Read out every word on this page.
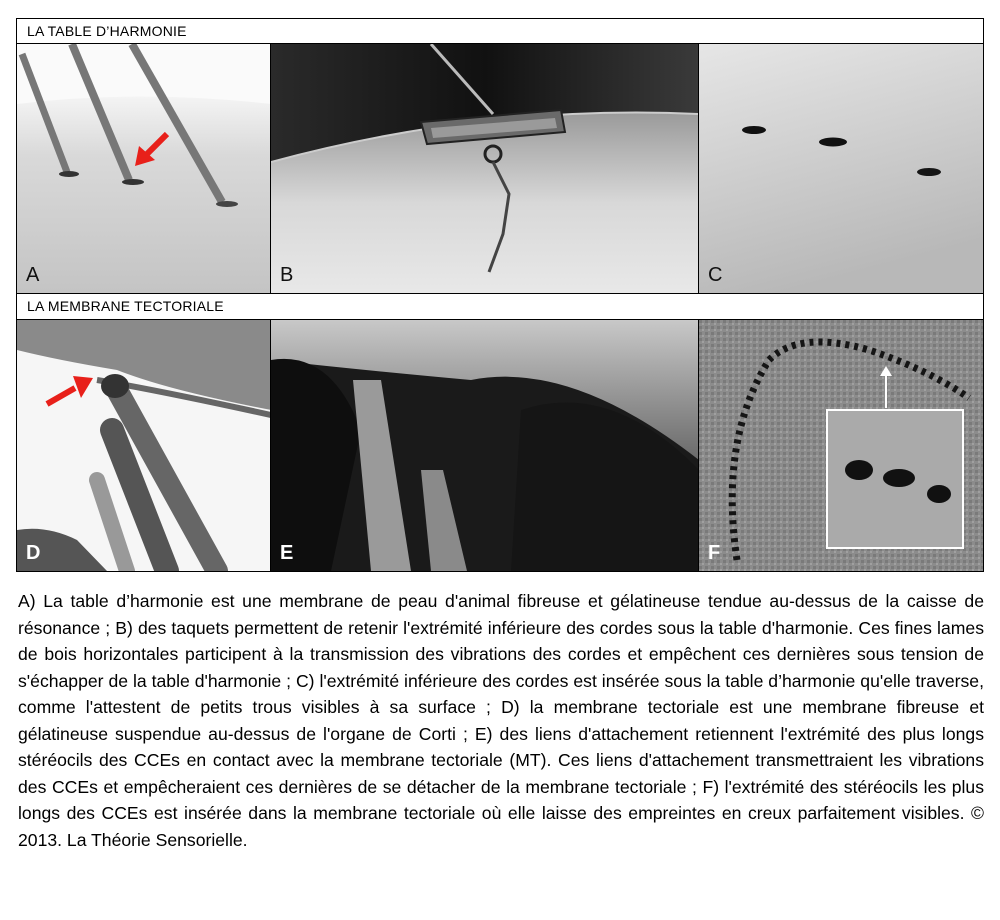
LA TABLE D’HARMONIE
A	B	C
LA MEMBRANE TECTORIALE
D	E	F

A) La table d’harmonie est une membrane de peau d'animal fibreuse et gélatineuse tendue au-dessus de la caisse de résonance ; B) des taquets permettent de retenir l'extrémité inférieure des cordes sous la table d'harmonie. Ces fines lames de bois horizontales participent à la transmission des vibrations des cordes et empêchent ces dernières sous tension de s'échapper de la table d'harmonie ; C) l'extrémité inférieure des cordes est insérée sous la table d’harmonie qu'elle traverse, comme l'attestent de petits trous visibles à sa surface ; D) la membrane tectoriale est une membrane fibreuse et gélatineuse suspendue au-dessus de l'organe de Corti ; E) des liens d'attachement retiennent l'extrémité des plus longs stéréocils des CCEs en contact avec la membrane tectoriale (MT). Ces liens d'attachement transmettraient les vibrations des CCEs et empêcheraient ces dernières de se détacher de la membrane tectoriale ; F) l'extrémité des stéréocils les plus longs des CCEs est insérée dans la membrane tectoriale où elle laisse des empreintes en creux parfaitement visibles. © 2013. La Théorie Sensorielle.
